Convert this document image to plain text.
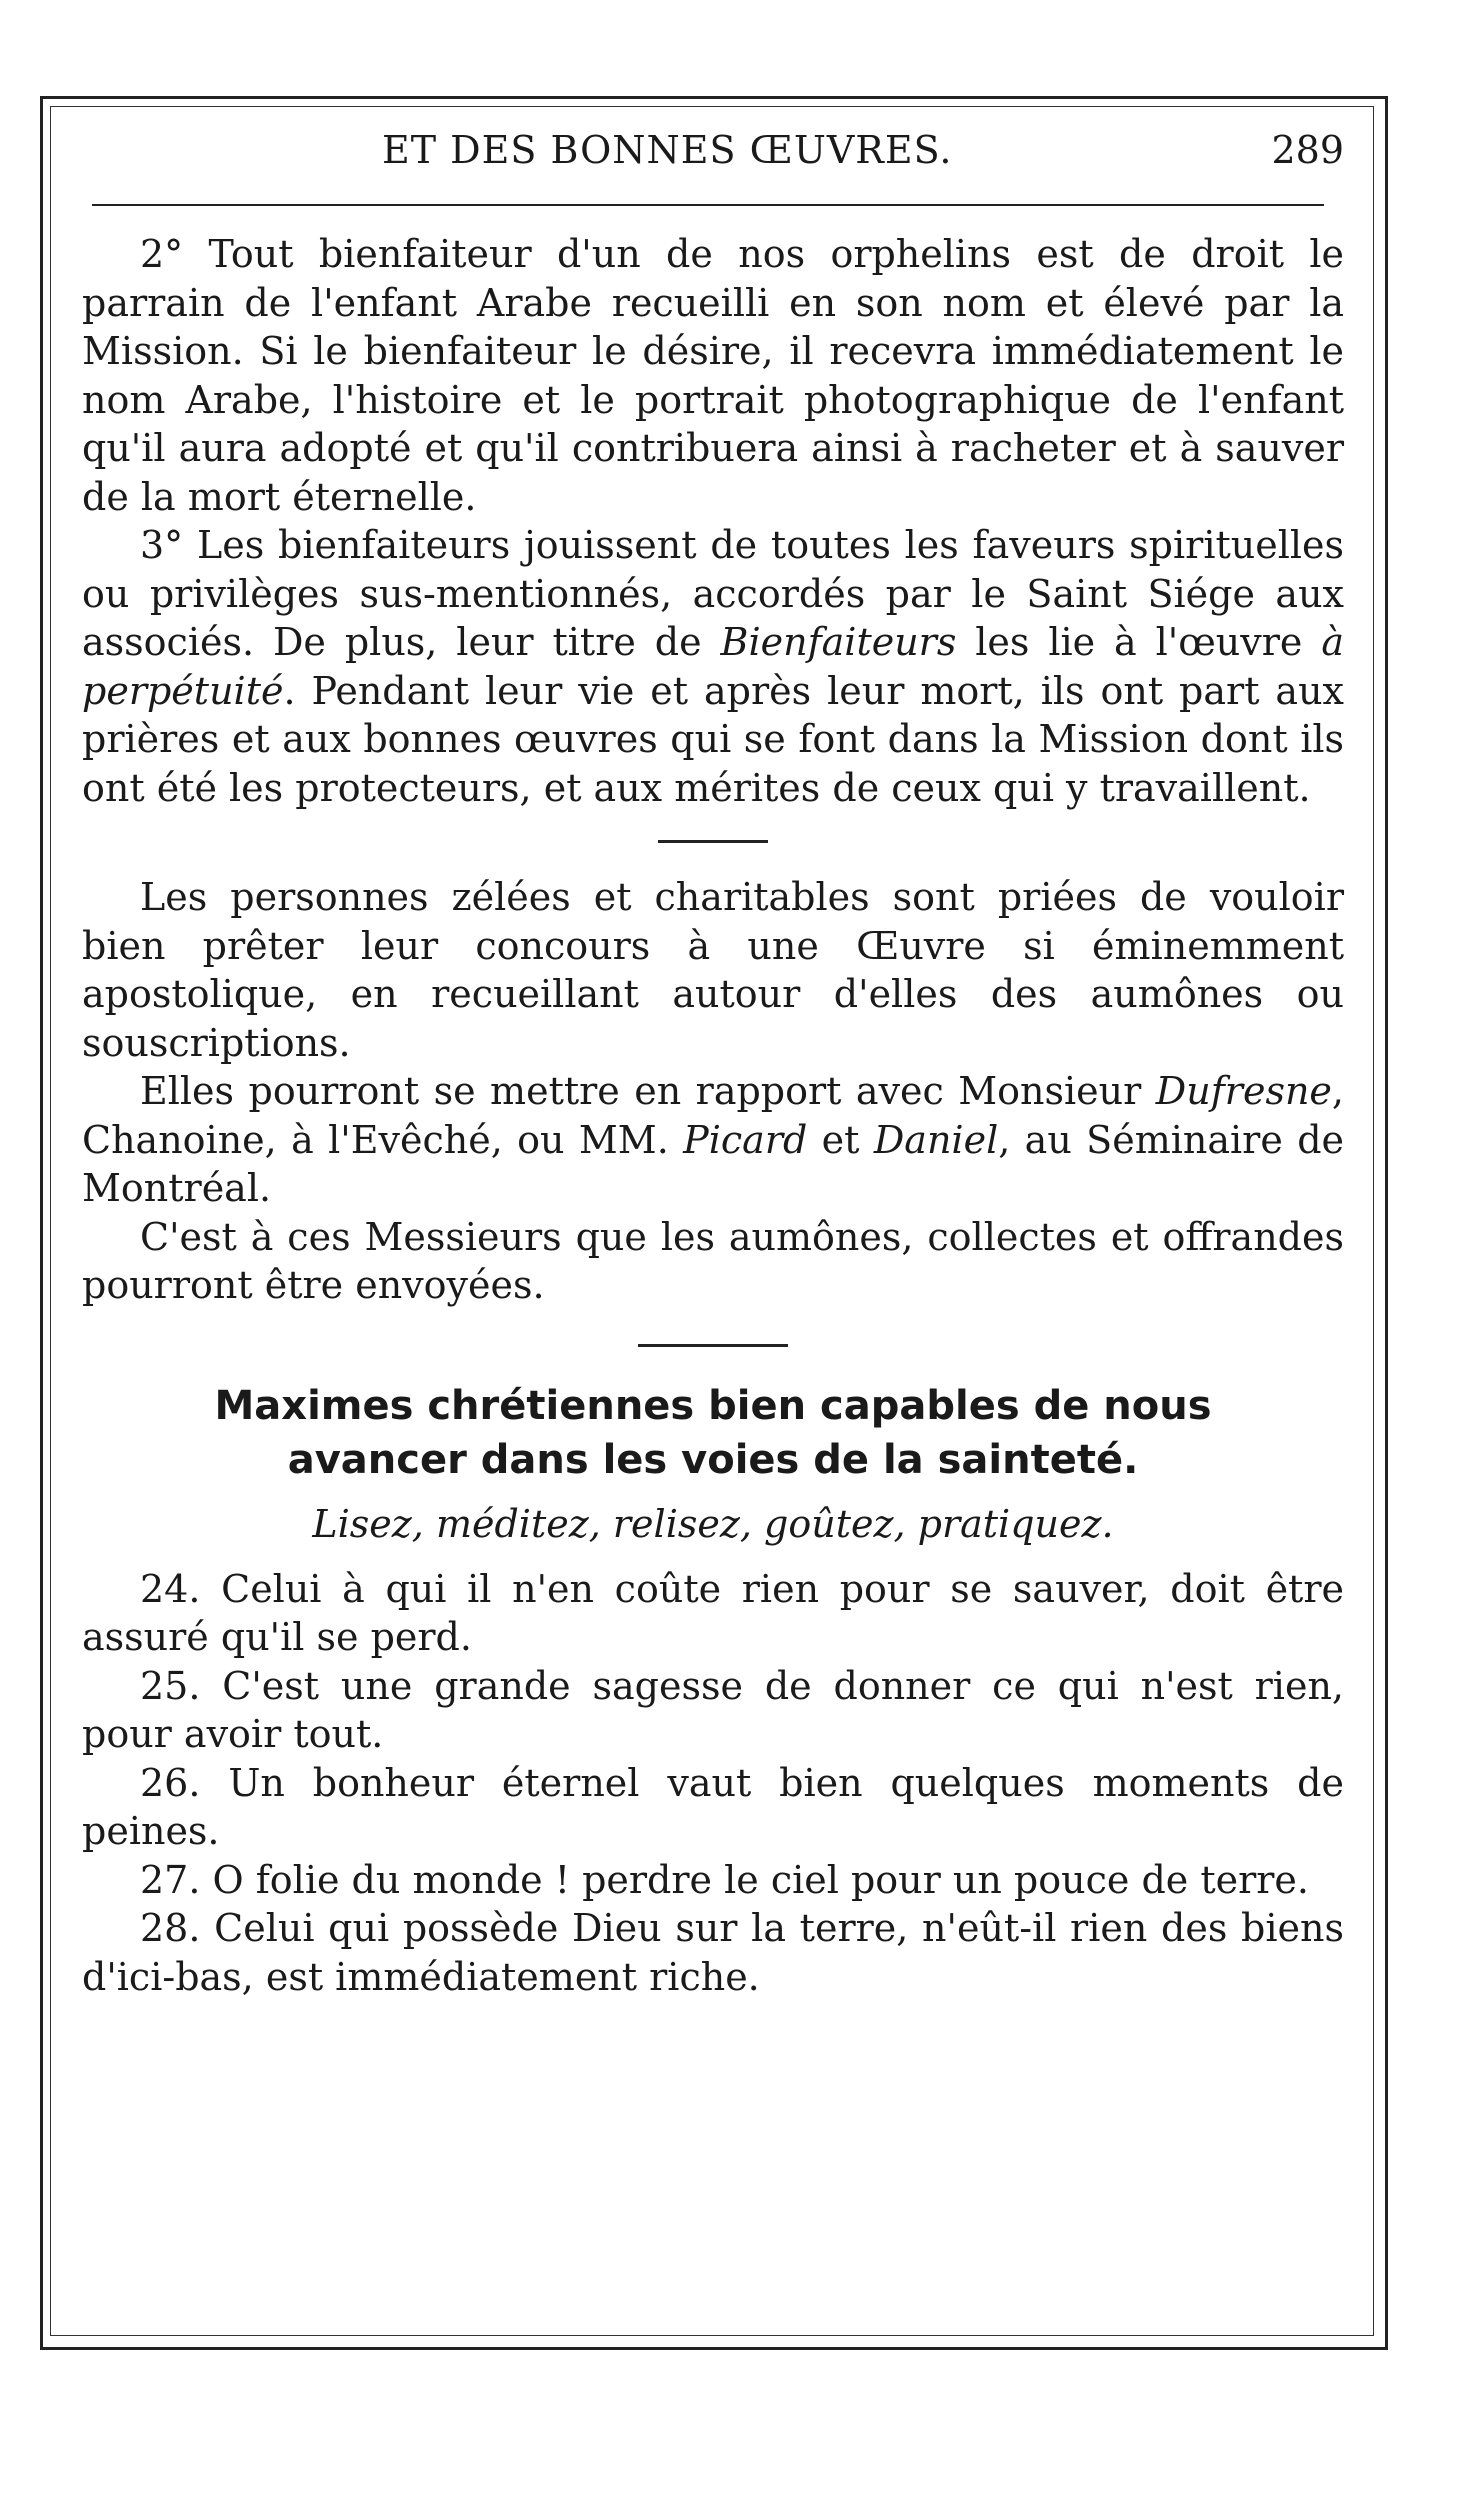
ET DES BONNES ŒUVRES.	289

2° Tout bienfaiteur d'un de nos orphelins est de droit le parrain de l'enfant Arabe recueilli en son nom et élevé par la Mission. Si le bienfaiteur le désire, il recevra immédiatement le nom Arabe, l'histoire et le portrait photographique de l'enfant qu'il aura adopté et qu'il contribuera ainsi à racheter et à sauver de la mort éternelle.

3° Les bienfaiteurs jouissent de toutes les faveurs spirituelles ou privilèges sus-mentionnés, accordés par le Saint Siége aux associés. De plus, leur titre de Bienfaiteurs les lie à l'œuvre à perpétuité. Pendant leur vie et après leur mort, ils ont part aux prières et aux bonnes œuvres qui se font dans la Mission dont ils ont été les protecteurs, et aux mérites de ceux qui y travaillent.

Les personnes zélées et charitables sont priées de vouloir bien prêter leur concours à une Œuvre si éminemment apostolique, en recueillant autour d'elles des aumônes ou souscriptions.

Elles pourront se mettre en rapport avec Monsieur Dufresne, Chanoine, à l'Evêché, ou MM. Picard et Daniel, au Séminaire de Montréal.

C'est à ces Messieurs que les aumônes, collectes et offrandes pourront être envoyées.

Maximes chrétiennes bien capables de nous avancer dans les voies de la sainteté.
Lisez, méditez, relisez, goûtez, pratiquez.

24. Celui à qui il n'en coûte rien pour se sauver, doit être assuré qu'il se perd.

25. C'est une grande sagesse de donner ce qui n'est rien, pour avoir tout.

26. Un bonheur éternel vaut bien quelques moments de peines.

27. O folie du monde ! perdre le ciel pour un pouce de terre.

28. Celui qui possède Dieu sur la terre, n'eût-il rien des biens d'ici-bas, est immédiatement riche.
